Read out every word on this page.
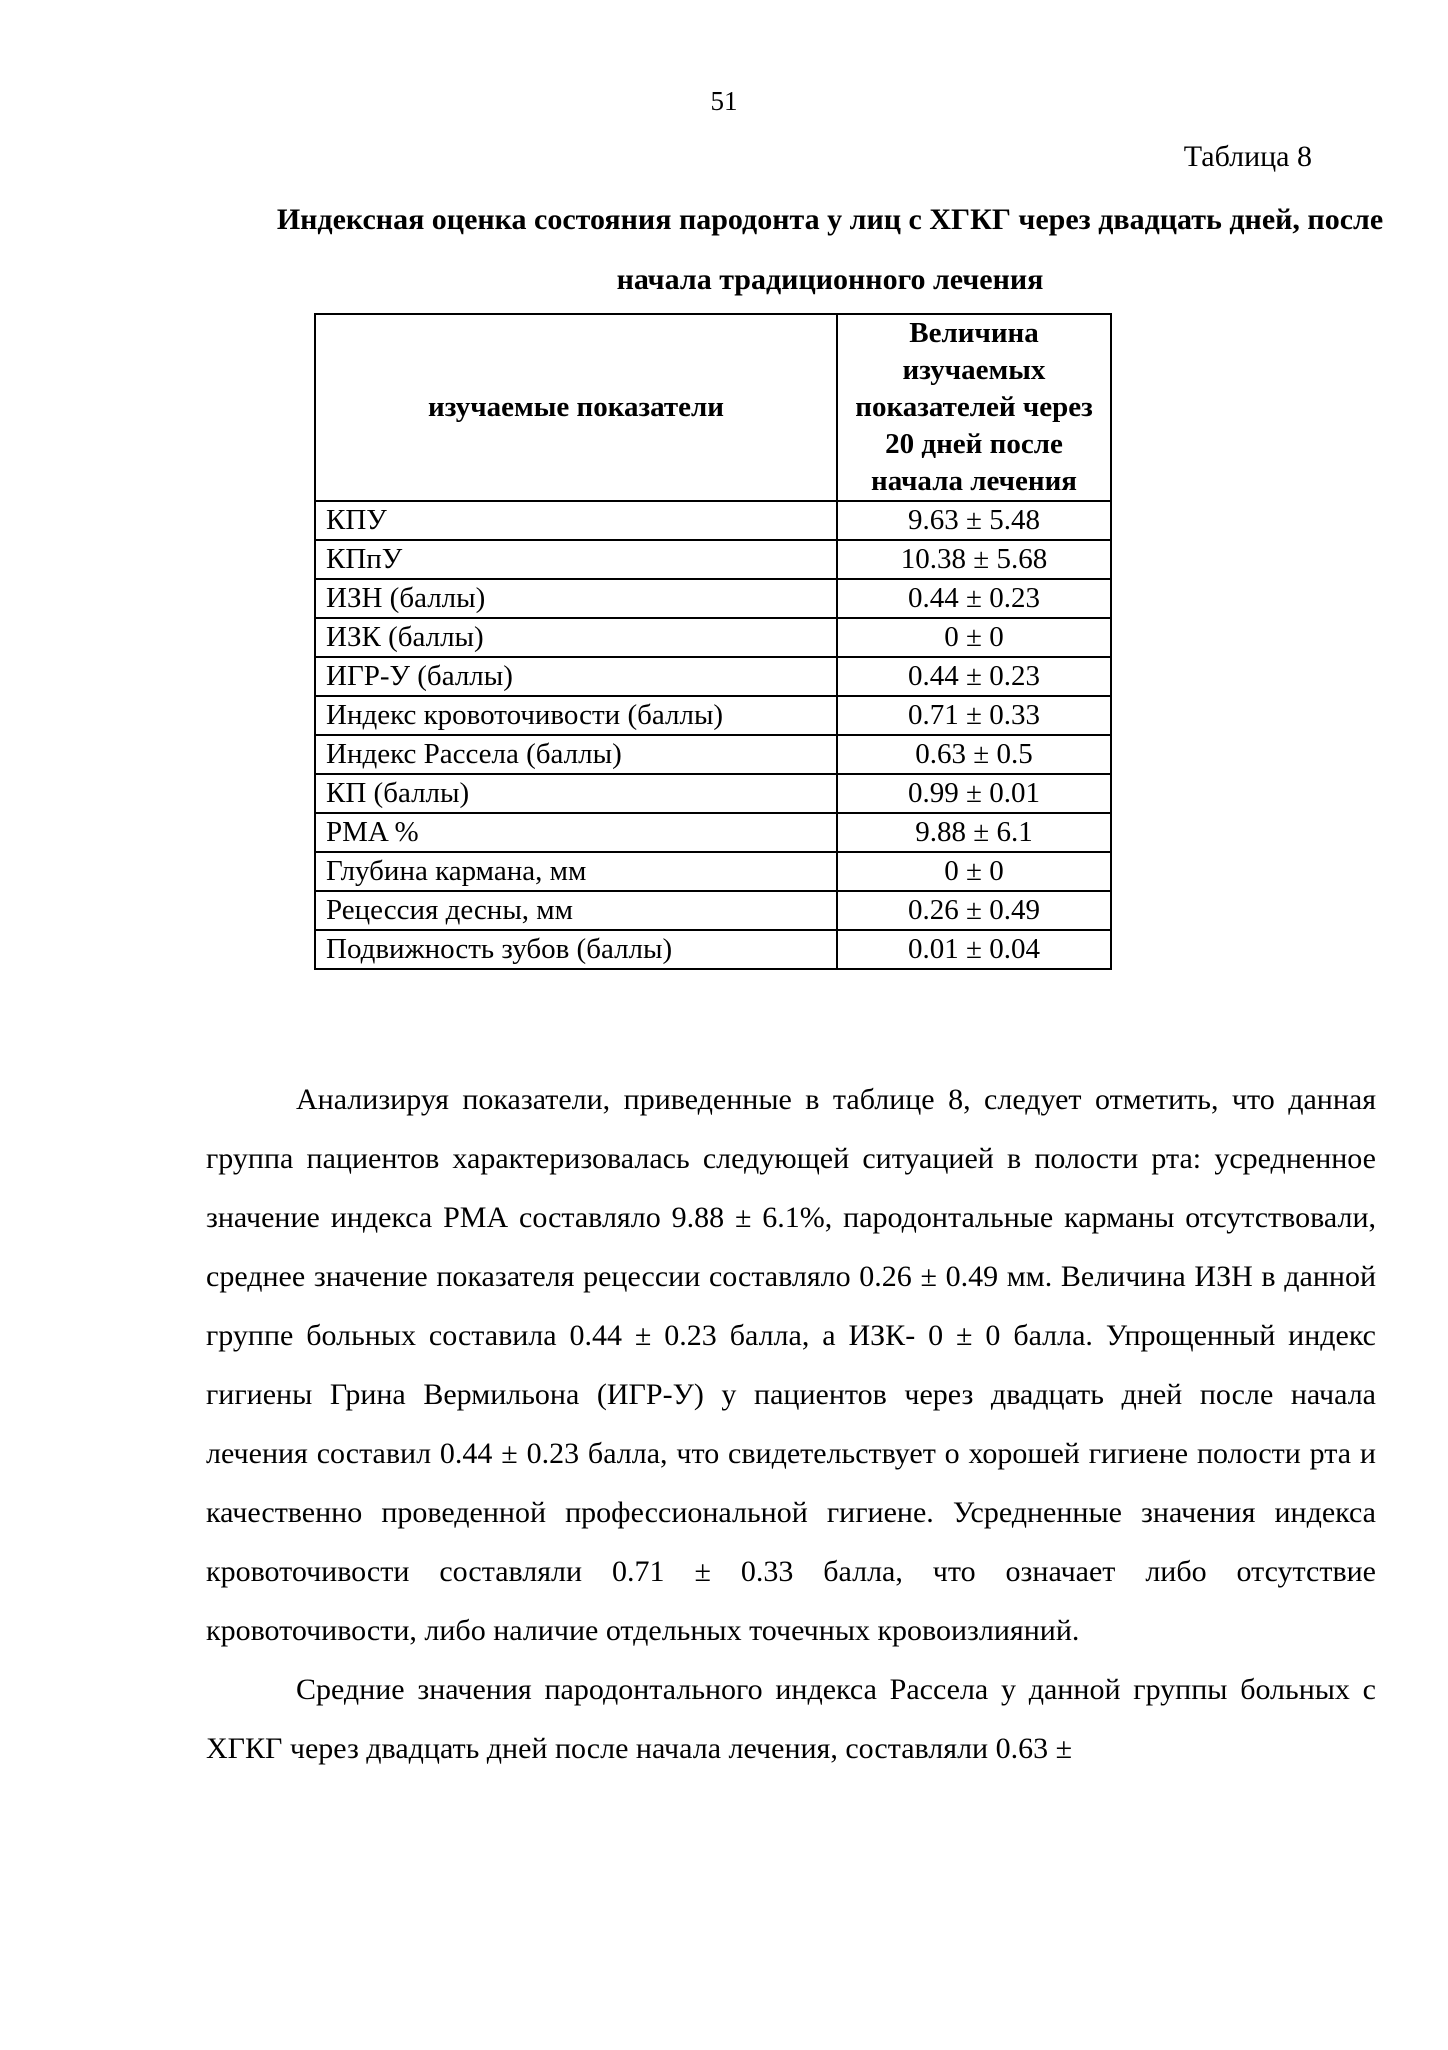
51
Таблица 8
Индексная оценка состояния пародонта у лиц с ХГКГ через двадцать дней, после начала традиционного лечения
изучаемые показатели	Величина изучаемых показателей через 20 дней после начала лечения
КПУ	9.63 ± 5.48
КПпУ	10.38 ± 5.68
ИЗН (баллы)	0.44 ± 0.23
ИЗК (баллы)	0 ± 0
ИГР-У (баллы)	0.44 ± 0.23
Индекс кровоточивости (баллы)	0.71 ± 0.33
Индекс Рассела (баллы)	0.63 ± 0.5
КП (баллы)	0.99 ± 0.01
PMA %	9.88 ± 6.1
Глубина кармана, мм	0 ± 0
Рецессия десны, мм	0.26 ± 0.49
Подвижность зубов (баллы)	0.01 ± 0.04

Анализируя показатели, приведенные в таблице 8, следует отметить, что данная группа пациентов характеризовалась следующей ситуацией в полости рта: усредненное значение индекса РМА составляло 9.88 ± 6.1%, пародонтальные карманы отсутствовали, среднее значение показателя рецессии составляло 0.26 ± 0.49 мм. Величина ИЗН в данной группе больных составила 0.44 ± 0.23 балла, а ИЗК- 0 ± 0 балла. Упрощенный индекс гигиены Грина Вермильона (ИГР-У) у пациентов через двадцать дней после начала лечения составил 0.44 ± 0.23 балла, что свидетельствует о хорошей гигиене полости рта и качественно проведенной профессиональной гигиене. Усредненные значения индекса кровоточивости составляли 0.71 ± 0.33 балла, что означает либо отсутствие кровоточивости, либо наличие отдельных точечных кровоизлияний.

Средние значения пародонтального индекса Рассела у данной группы больных с ХГКГ через двадцать дней после начала лечения, составляли 0.63 ±
